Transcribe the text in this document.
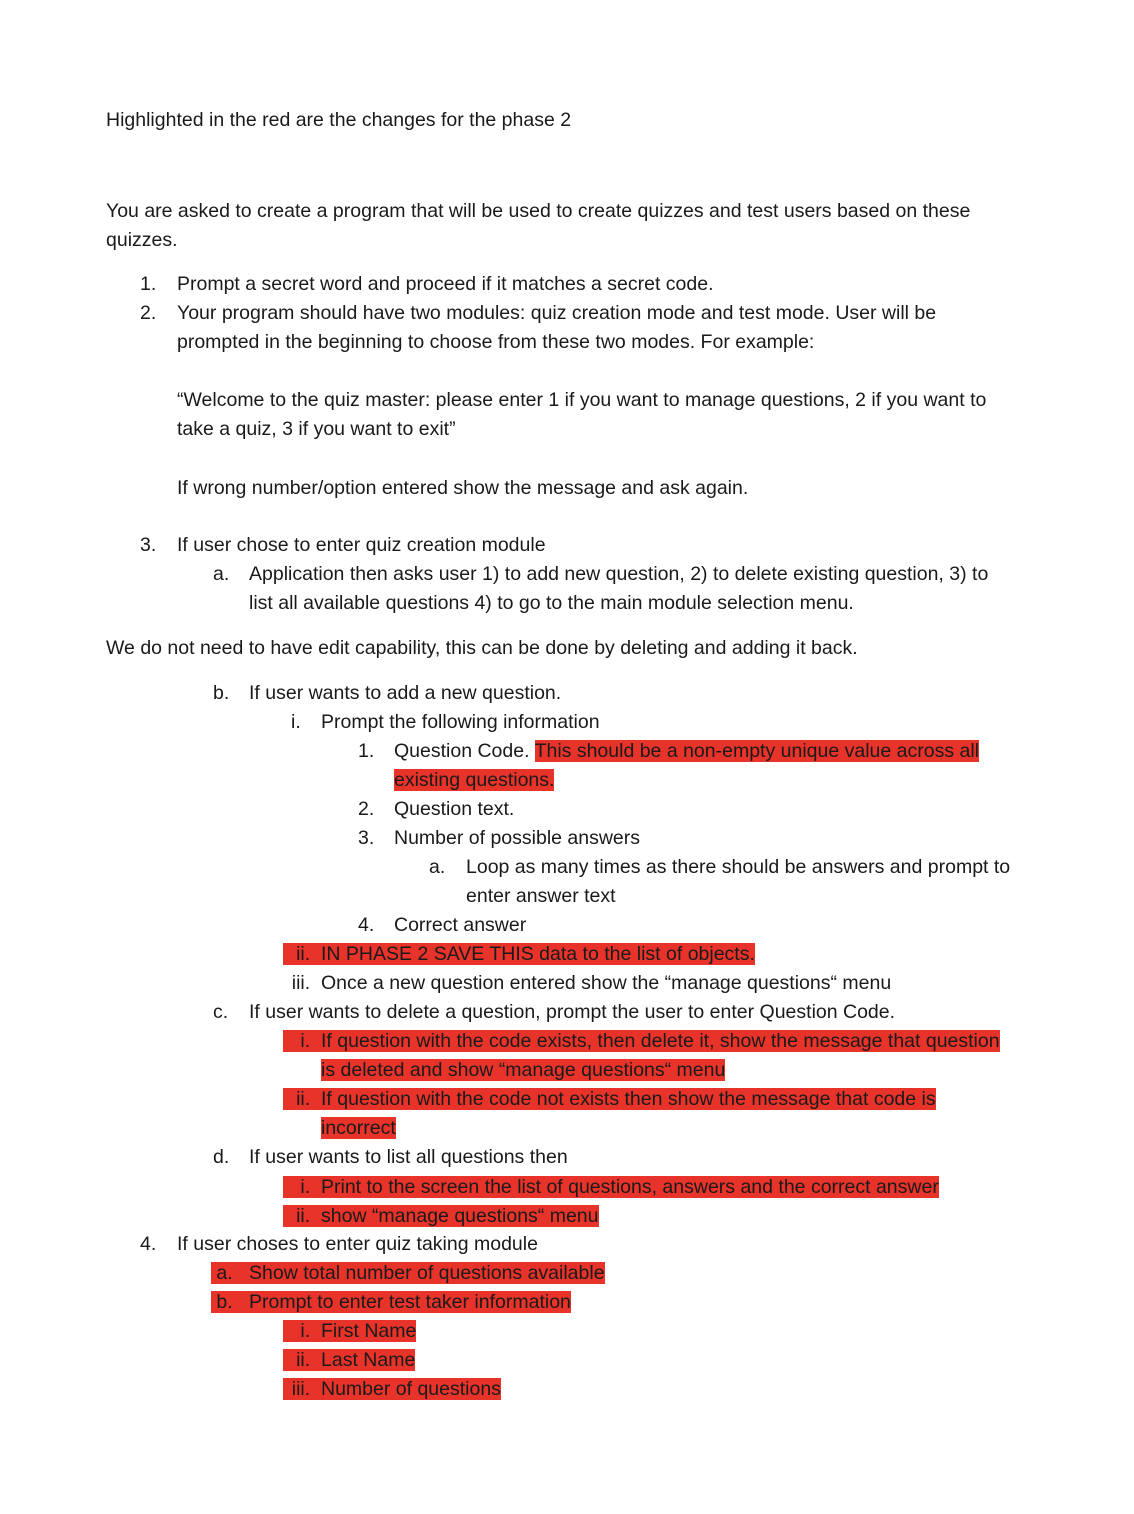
Highlighted in the red are the changes for the phase 2
You are asked to create a program that will be used to create quizzes and test users based on these
quizzes.
1. Prompt a secret word and proceed if it matches a secret code.
2. Your program should have two modules: quiz creation mode and test mode. User will be
prompted in the beginning to choose from these two modes. For example:
“Welcome to the quiz master: please enter 1 if you want to manage questions, 2 if you want to
take a quiz, 3 if you want to exit”
If wrong number/option entered show the message and ask again.
3. If user chose to enter quiz creation module
a. Application then asks user 1) to add new question, 2) to delete existing question, 3) to
list all available questions 4) to go to the main module selection menu.
We do not need to have edit capability, this can be done by deleting and adding it back.
b. If user wants to add a new question.
i. Prompt the following information
1. Question Code. This should be a non-empty unique value across all
existing questions.
2. Question text.
3. Number of possible answers
a. Loop as many times as there should be answers and prompt to
enter answer text
4. Correct answer
ii. IN PHASE 2 SAVE THIS data to the list of objects.
iii. Once a new question entered show the “manage questions“ menu
c. If user wants to delete a question, prompt the user to enter Question Code.
i. If question with the code exists, then delete it, show the message that question
is deleted and show “manage questions“ menu
ii. If question with the code not exists then show the message that code is
incorrect
d. If user wants to list all questions then
i. Print to the screen the list of questions, answers and the correct answer
ii. show “manage questions“ menu
4. If user choses to enter quiz taking module
a. Show total number of questions available
b. Prompt to enter test taker information
i. First Name
ii. Last Name
iii. Number of questions
